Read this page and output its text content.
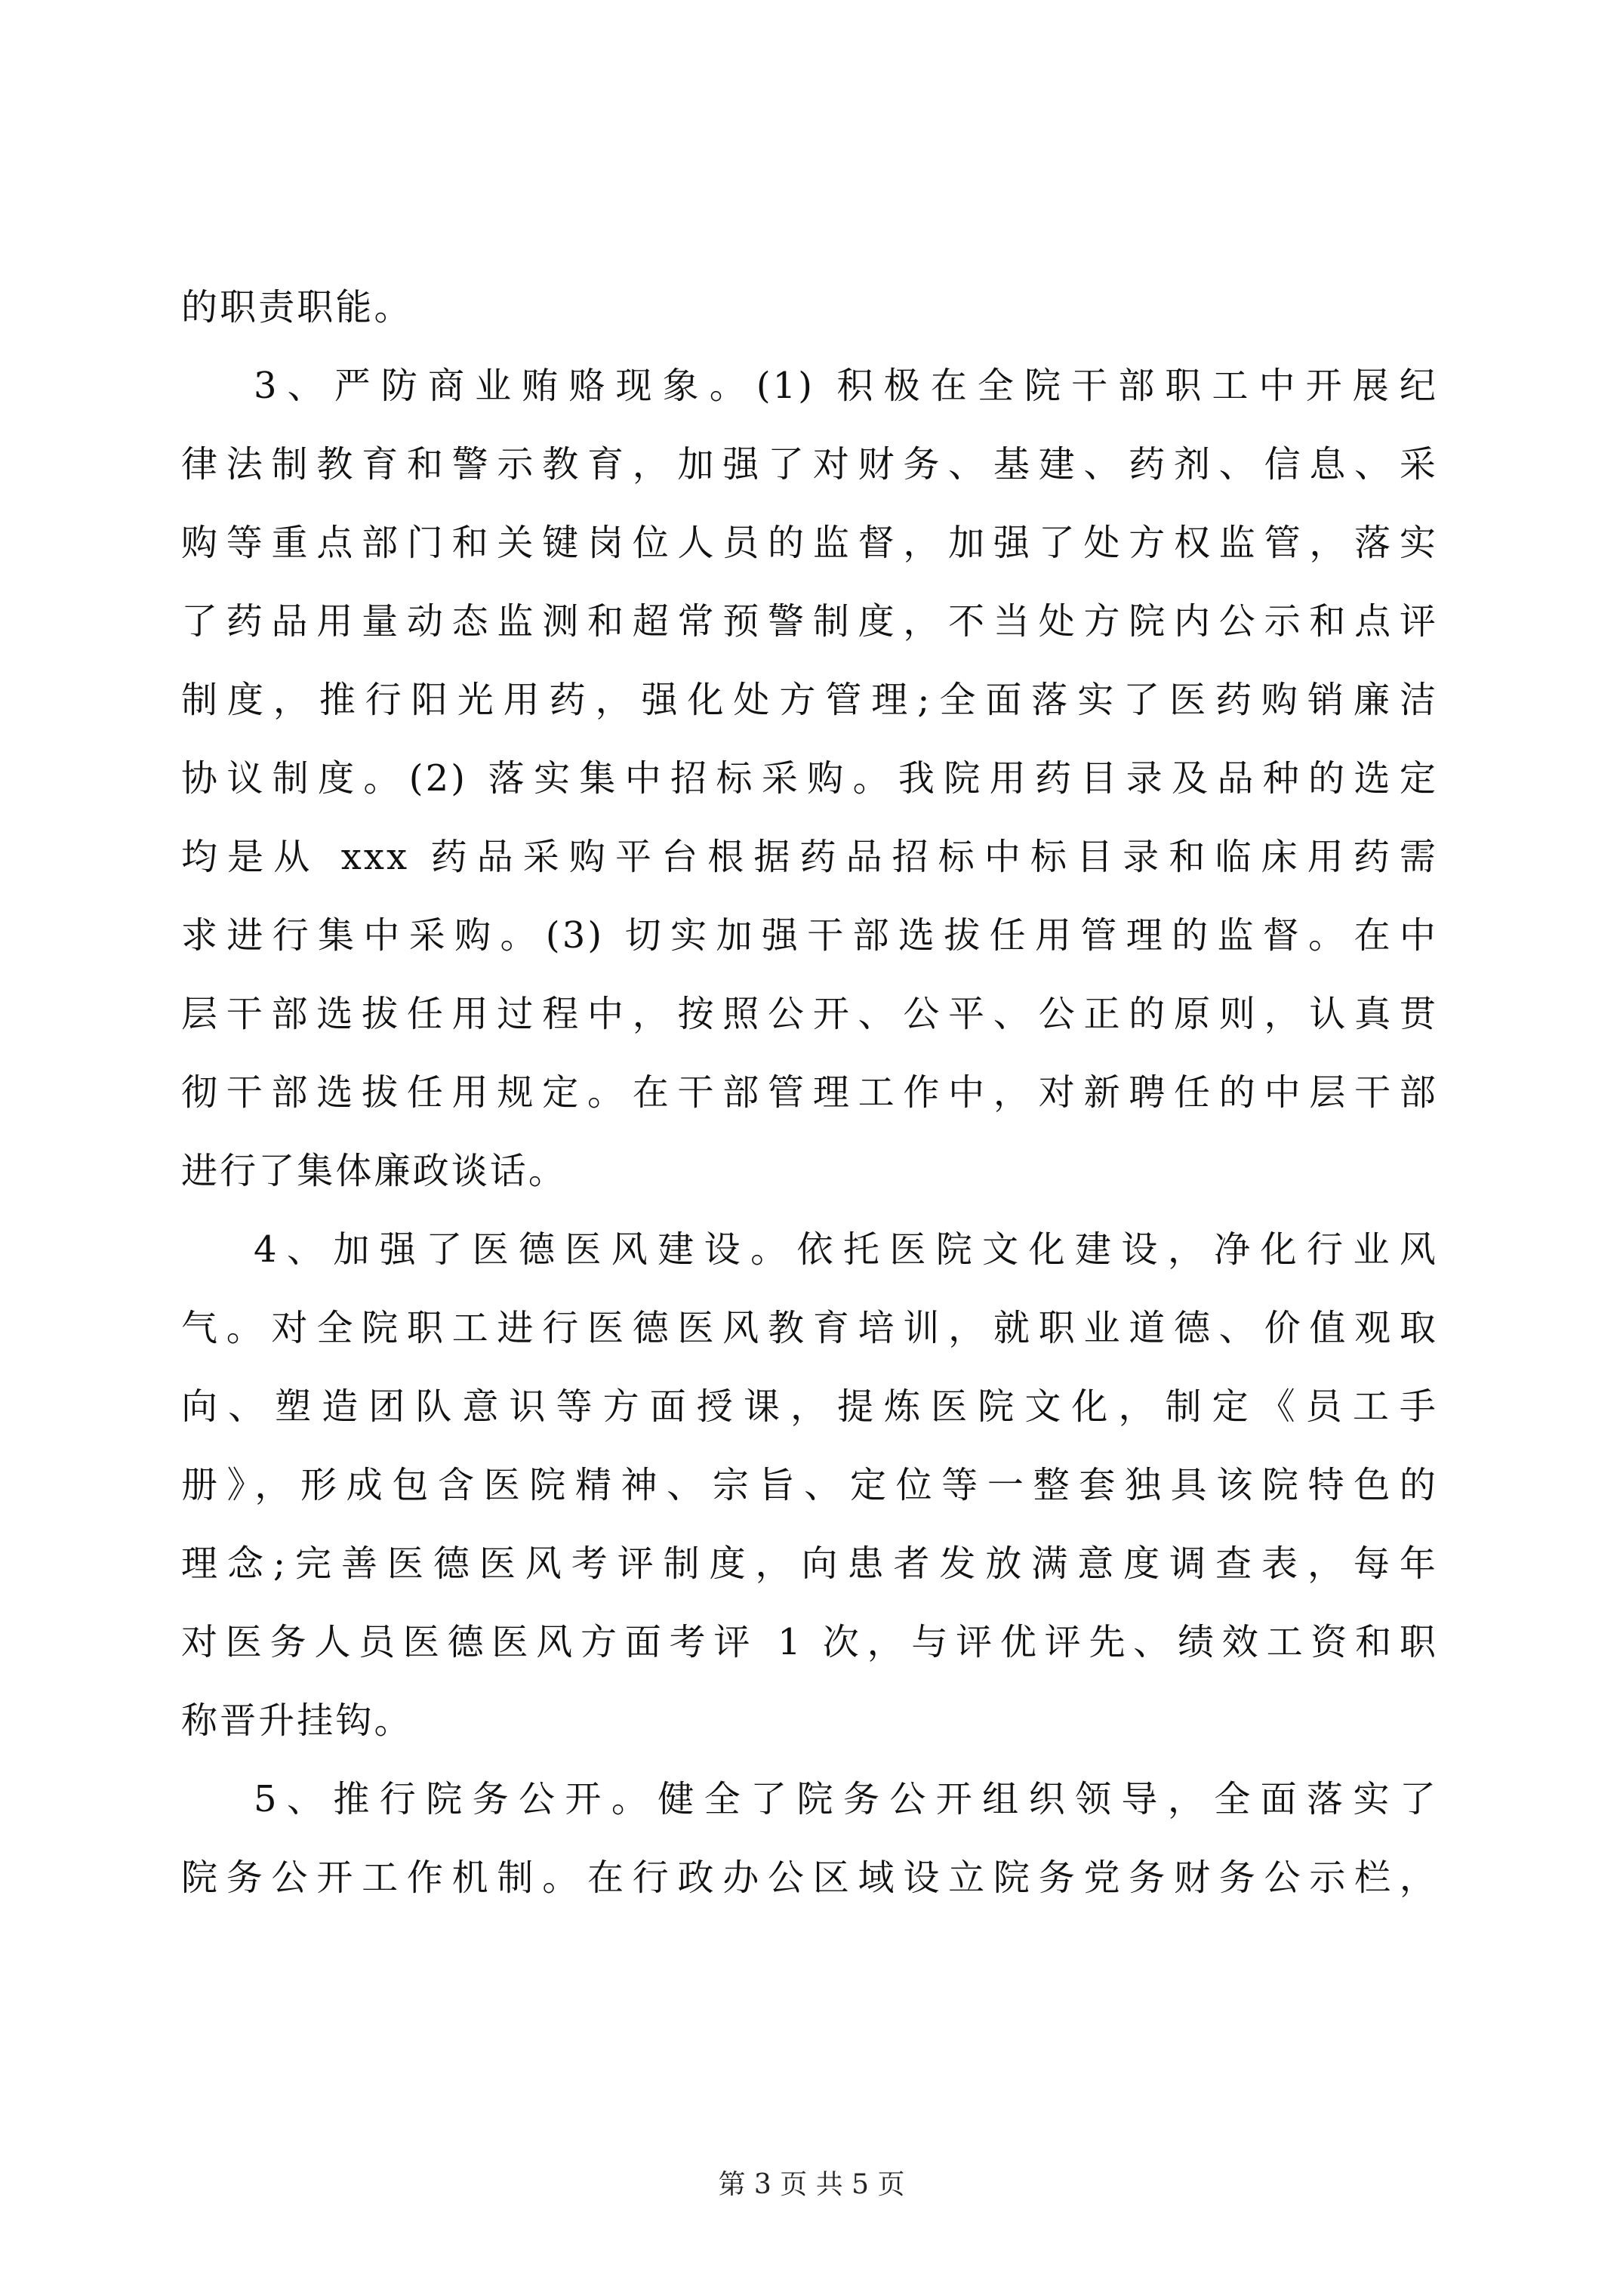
的职责职能。
3、严防商业贿赂现象。(1) 积极在全院干部职工中开展纪
律法制教育和警示教育，加强了对财务、基建、药剂、信息、采
购等重点部门和关键岗位人员的监督，加强了处方权监管，落实
了药品用量动态监测和超常预警制度，不当处方院内公示和点评
制度，推行阳光用药，强化处方管理;全面落实了医药购销廉洁
协议制度。(2) 落实集中招标采购。我院用药目录及品种的选定
均是从 xxx 药品采购平台根据药品招标中标目录和临床用药需
求进行集中采购。(3) 切实加强干部选拔任用管理的监督。在中
层干部选拔任用过程中，按照公开、公平、公正的原则，认真贯
彻干部选拔任用规定。在干部管理工作中，对新聘任的中层干部
进行了集体廉政谈话。
4、加强了医德医风建设。依托医院文化建设，净化行业风
气。对全院职工进行医德医风教育培训，就职业道德、价值观取
向、塑造团队意识等方面授课，提炼医院文化，制定《员工手
册》，形成包含医院精神、宗旨、定位等一整套独具该院特色的
理念;完善医德医风考评制度，向患者发放满意度调查表，每年
对医务人员医德医风方面考评 1 次，与评优评先、绩效工资和职
称晋升挂钩。
5、推行院务公开。健全了院务公开组织领导，全面落实了
院务公开工作机制。在行政办公区域设立院务党务财务公示栏，
第 3 页 共 5 页
